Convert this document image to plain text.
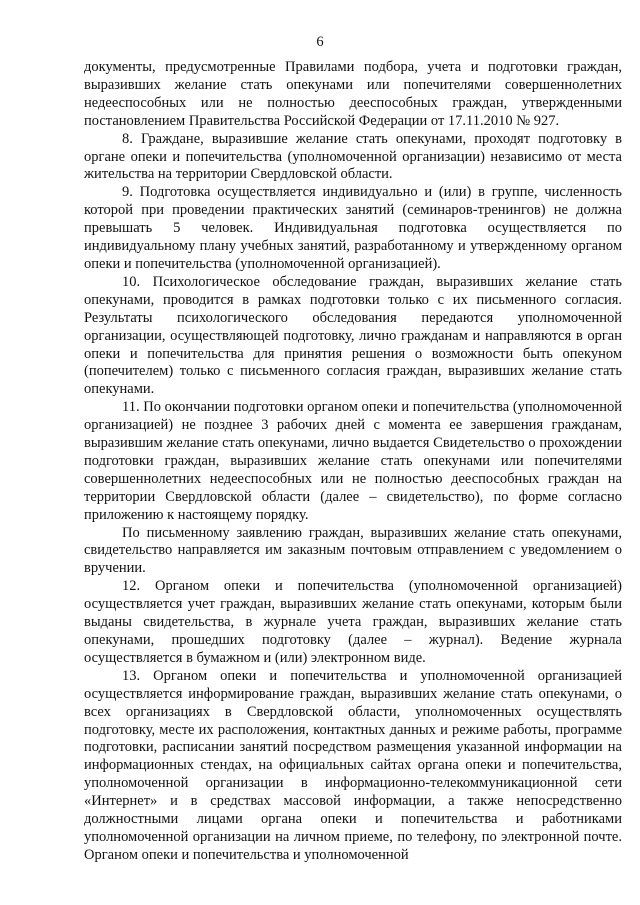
6

документы, предусмотренные Правилами подбора, учета и подготовки граждан, выразивших желание стать опекунами или попечителями совершеннолетних недееспособных или не полностью дееспособных граждан, утвержденными постановлением Правительства Российской Федерации от 17.11.2010 № 927.

8. Граждане, выразившие желание стать опекунами, проходят подготовку в органе опеки и попечительства (уполномоченной организации) независимо от места жительства на территории Свердловской области.

9. Подготовка осуществляется индивидуально и (или) в группе, численность которой при проведении практических занятий (семинаров-тренингов) не должна превышать 5 человек. Индивидуальная подготовка осуществляется по индивидуальному плану учебных занятий, разработанному и утвержденному органом опеки и попечительства (уполномоченной организацией).

10. Психологическое обследование граждан, выразивших желание стать опекунами, проводится в рамках подготовки только с их письменного согласия. Результаты психологического обследования передаются уполномоченной организации, осуществляющей подготовку, лично гражданам и направляются в орган опеки и попечительства для принятия решения о возможности быть опекуном (попечителем) только с письменного согласия граждан, выразивших желание стать опекунами.

11. По окончании подготовки органом опеки и попечительства (уполномоченной организацией) не позднее 3 рабочих дней с момента ее завершения гражданам, выразившим желание стать опекунами, лично выдается Свидетельство о прохождении подготовки граждан, выразивших желание стать опекунами или попечителями совершеннолетних недееспособных или не полностью дееспособных граждан на территории Свердловской области (далее – свидетельство), по форме согласно приложению к настоящему порядку.

По письменному заявлению граждан, выразивших желание стать опекунами, свидетельство направляется им заказным почтовым отправлением с уведомлением о вручении.

12. Органом опеки и попечительства (уполномоченной организацией) осуществляется учет граждан, выразивших желание стать опекунами, которым были выданы свидетельства, в журнале учета граждан, выразивших желание стать опекунами, прошедших подготовку (далее – журнал). Ведение журнала осуществляется в бумажном и (или) электронном виде.

13. Органом опеки и попечительства и уполномоченной организацией осуществляется информирование граждан, выразивших желание стать опекунами, о всех организациях в Свердловской области, уполномоченных осуществлять подготовку, месте их расположения, контактных данных и режиме работы, программе подготовки, расписании занятий посредством размещения указанной информации на информационных стендах, на официальных сайтах органа опеки и попечительства, уполномоченной организации в информационно-телекоммуникационной сети «Интернет» и в средствах массовой информации, а также непосредственно должностными лицами органа опеки и попечительства и работниками уполномоченной организации на личном приеме, по телефону, по электронной почте. Органом опеки и попечительства и уполномоченной
